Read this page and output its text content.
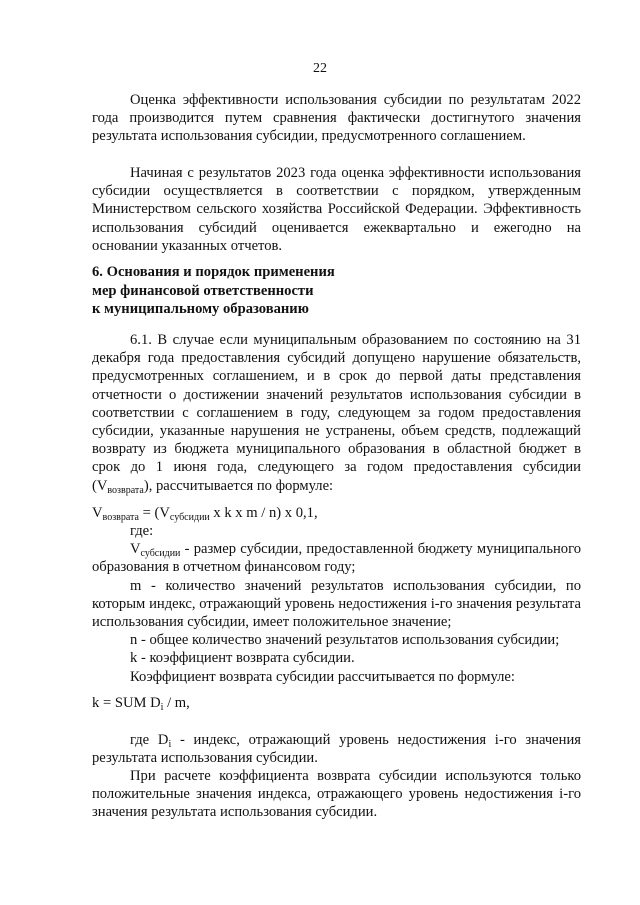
22

Оценка эффективности использования субсидии по результатам 2022 года производится путем сравнения фактически достигнутого значения результата использования субсидии, предусмотренного соглашением.

Начиная с результатов 2023 года оценка эффективности использования субсидии осуществляется в соответствии с порядком, утвержденным Министерством сельского хозяйства Российской Федерации. Эффективность использования субсидий оценивается ежеквартально и ежегодно на основании указанных отчетов.

6. Основания и порядок применения

мер финансовой ответственности

к муниципальному образованию

6.1. В случае если муниципальным образованием по состоянию на 31 декабря года предоставления субсидий допущено нарушение обязательств, предусмотренных соглашением, и в срок до первой даты представления отчетности о достижении значений результатов использования субсидии в соответствии с соглашением в году, следующем за годом предоставления субсидии, указанные нарушения не устранены, объем средств, подлежащий возврату из бюджета муниципального образования в областной бюджет в срок до 1 июня года, следующего за годом предоставления субсидии $(V_{возврата})$, рассчитывается по формуле:

$V_{возврата} = (V_{субсидии}$ x k x m / n) x 0,1,

где:

$V_{субсидии}$ - размер субсидии, предоставленной бюджету муниципального образования в отчетном финансовом году;

m - количество значений результатов использования субсидии, по которым индекс, отражающий уровень недостижения i-го значения результата использования субсидии, имеет положительное значение;

n - общее количество значений результатов использования субсидии;

k - коэффициент возврата субсидии.

Коэффициент возврата субсидии рассчитывается по формуле:

k = SUM $D_i$ / m,

где $D_i$ - индекс, отражающий уровень недостижения i-го значения результата использования субсидии.

При расчете коэффициента возврата субсидии используются только положительные значения индекса, отражающего уровень недостижения i-го значения результата использования субсидии.
